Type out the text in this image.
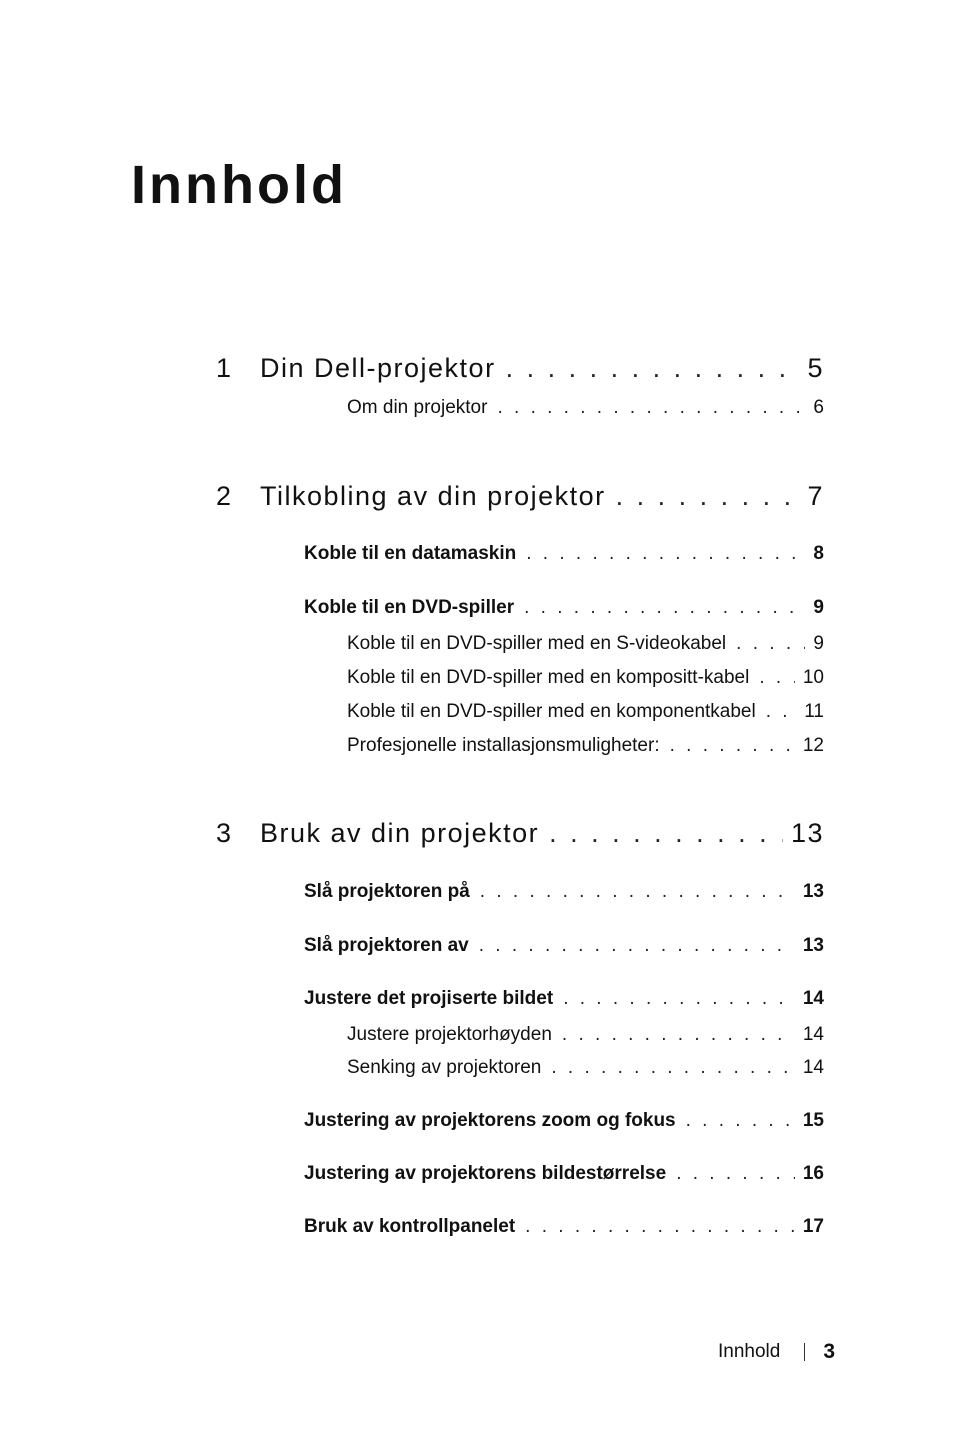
Innhold
1	Din Dell-projektor . . .	5
Om din projektor . . .	6
2	Tilkobling av din projektor . . .	7
Koble til en datamaskin . . .	8
Koble til en DVD-spiller . . .	9
Koble til en DVD-spiller med en S-videokabel . . .	9
Koble til en DVD-spiller med en kompositt-kabel . . .	10
Koble til en DVD-spiller med en komponentkabel . . .	11
Profesjonelle installasjonsmuligheter: . . .	12
3	Bruk av din projektor . . .	13
Slå projektoren på . . .	13
Slå projektoren av . . .	13
Justere det projiserte bildet . . .	14
Justere projektorhøyden . . .	14
Senking av projektoren . . .	14
Justering av projektorens zoom og fokus . . .	15
Justering av projektorens bildestørrelse . . .	16
Bruk av kontrollpanelet . . .	17
Innhold 3
